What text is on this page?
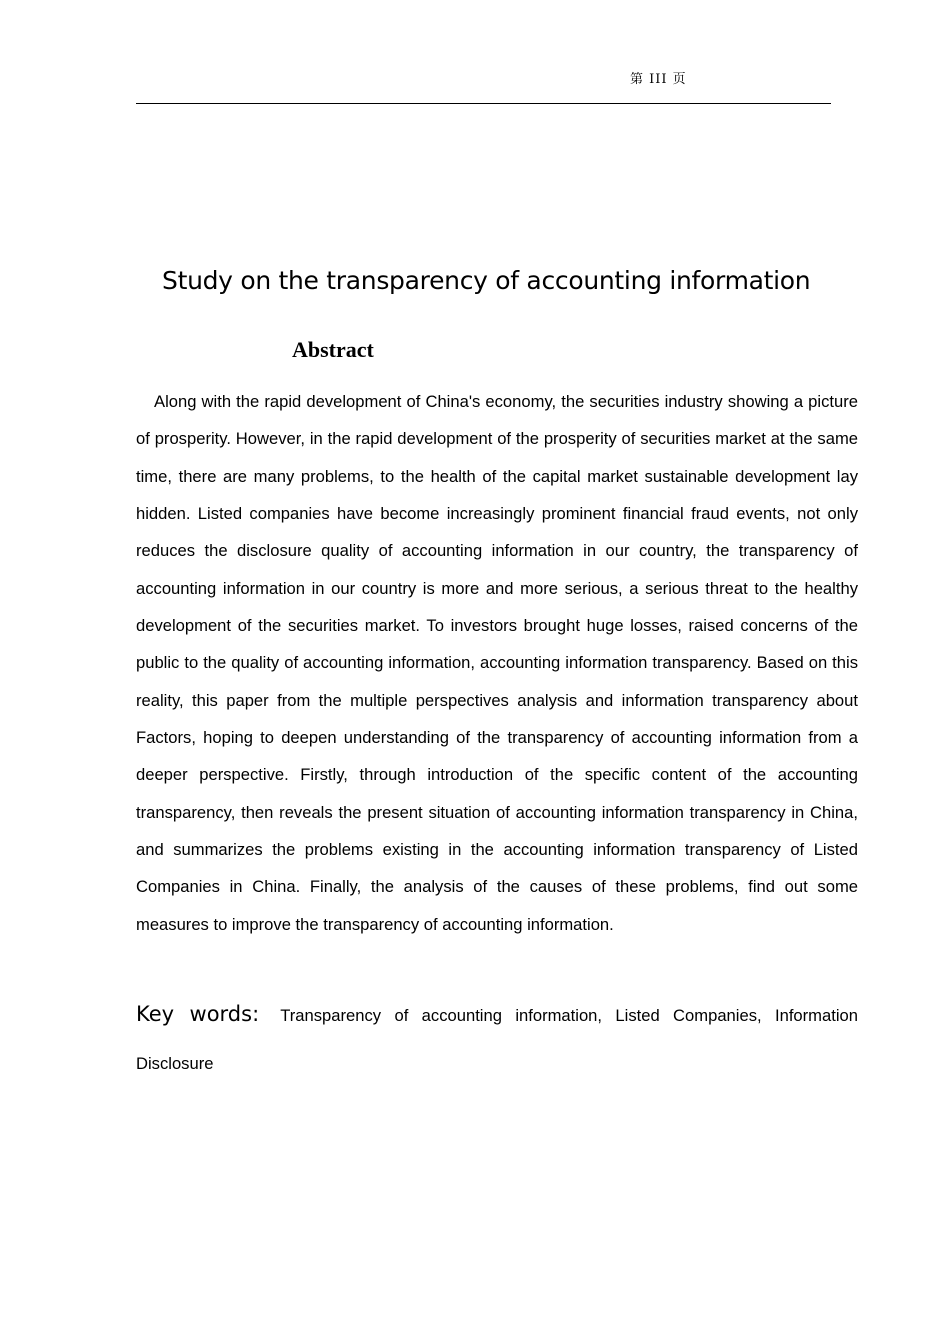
第 III 页
Study on the transparency of accounting information
Abstract

Along with the rapid development of China's economy, the securities industry showing a picture of prosperity. However, in the rapid development of the prosperity of securities market at the same time, there are many problems, to the health of the capital market sustainable development lay hidden. Listed companies have become increasingly prominent financial fraud events, not only reduces the disclosure quality of accounting information in our country, the transparency of accounting information in our country is more and more serious, a serious threat to the healthy development of the securities market. To investors brought huge losses, raised concerns of the public to the quality of accounting information, accounting information transparency. Based on this reality, this paper from the multiple perspectives analysis and information transparency about Factors, hoping to deepen understanding of the transparency of accounting information from a deeper perspective. Firstly, through introduction of the specific content of the accounting transparency, then reveals the present situation of accounting information transparency in China, and summarizes the problems existing in the accounting information transparency of Listed Companies in China. Finally, the analysis of the causes of these problems, find out some measures to improve the transparency of accounting information.

Key words: Transparency of accounting information, Listed Companies, Information Disclosure
